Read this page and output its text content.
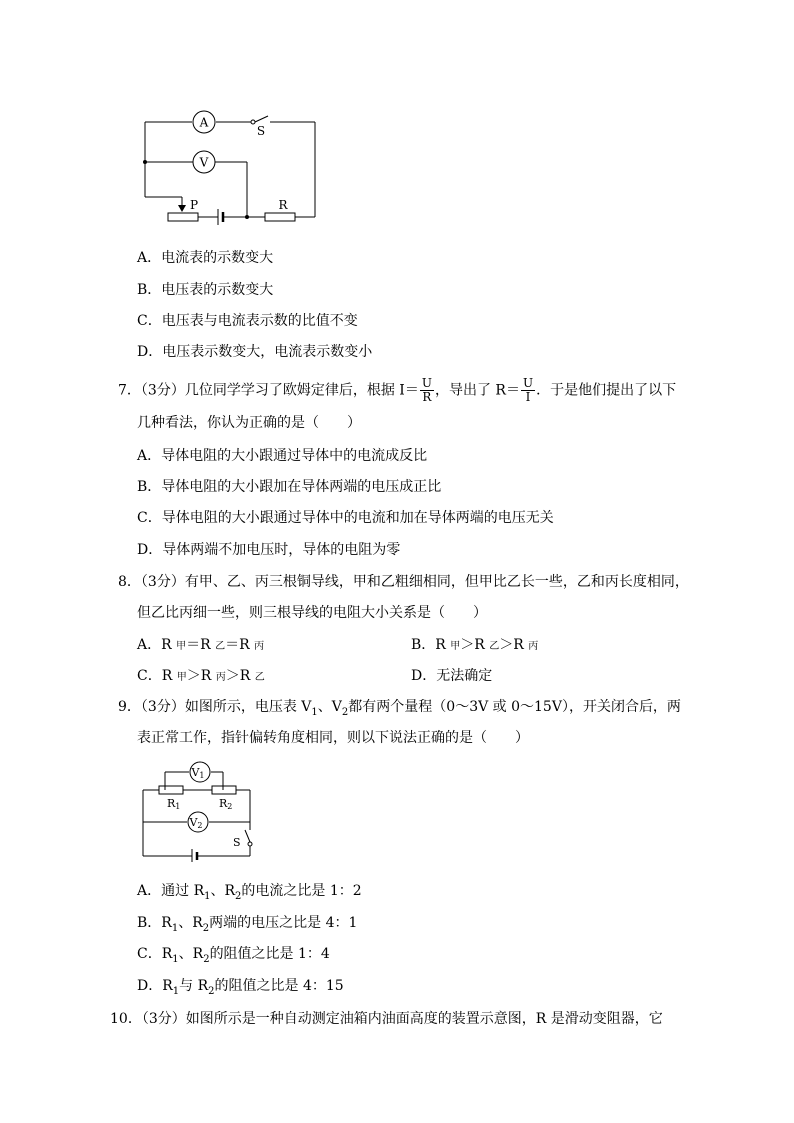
A
V
S
P	R
A．电流表的示数变大
B．电压表的示数变大
C．电压表与电流表示数的比值不变
D．电压表示数变大，电流表示数变小
7．（3分）几位同学学习了欧姆定律后，根据 $I= \frac{U}{R}$ ，导出了 $R= \frac{U}{I}$ ．于是他们提出了以下
几种看法，你认为正确的是（　　）
A．导体电阻的大小跟通过导体中的电流成反比
B．导体电阻的大小跟加在导体两端的电压成正比
C．导体电阻的大小跟通过导体中的电流和加在导体两端的电压无关
D．导体两端不加电压时，导体的电阻为零
8．（3分）有甲、乙、丙三根铜导线，甲和乙粗细相同，但甲比乙长一些，乙和丙长度相同，
但乙比丙细一些，则三根导线的电阻大小关系是（　　）
A．R 甲＝R 乙＝R 丙	B．R 甲＞R 乙＞R 丙
C．R 甲＞R 丙＞R 乙	D．无法确定
9．（3分）如图所示，电压表 $V_1$、$V_2$都有两个量程（0～3V 或 0～15V），开关闭合后，两
表正常工作，指针偏转角度相同，则以下说法正确的是（　　）
V1
V2
R1	R2
S
A．通过 $R_1$、$R_2$的电流之比是 1：2
B．$R_1$、$R_2$两端的电压之比是 4：1
C．$R_1$、$R_2$的阻值之比是 1：4
D．$R_1$与 $R_2$的阻值之比是 4：15
10．（3分）如图所示是一种自动测定油箱内油面高度的装置示意图，R 是滑动变阻器，它
